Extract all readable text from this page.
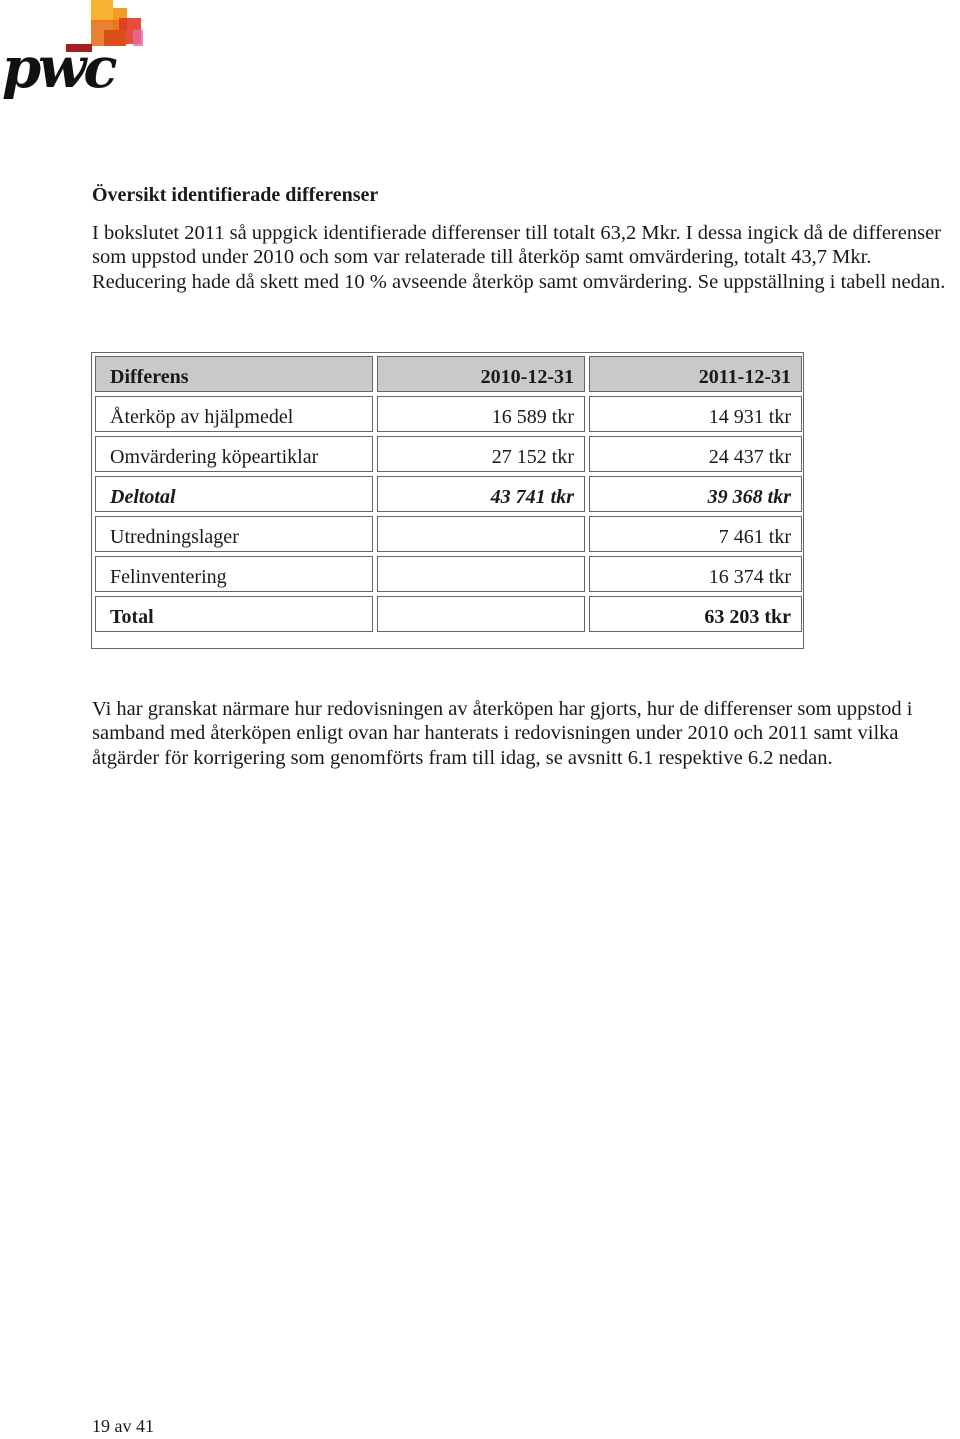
pwc
Översikt identifierade differenser

I bokslutet 2011 så uppgick identifierade differenser till totalt 63,2 Mkr. I dessa ingick då de differenser som uppstod under 2010 och som var relaterade till återköp samt omvärdering, totalt 43,7 Mkr. Reducering hade då skett med 10 % avseende återköp samt omvärdering. Se uppställning i tabell nedan.

Differens	2010-12-31	2011-12-31
Återköp av hjälpmedel	16 589 tkr	14 931 tkr
Omvärdering köpeartiklar	27 152 tkr	24 437 tkr
Deltotal	43 741 tkr	39 368 tkr
Utredningslager		7 461 tkr
Felinventering		16 374 tkr
Total		63 203 tkr

Vi har granskat närmare hur redovisningen av återköpen har gjorts, hur de differenser som uppstod i samband med återköpen enligt ovan har hanterats i redovisningen under 2010 och 2011 samt vilka åtgärder för korrigering som genomförts fram till idag, se avsnitt 6.1 respektive 6.2 nedan.

19 av 41
